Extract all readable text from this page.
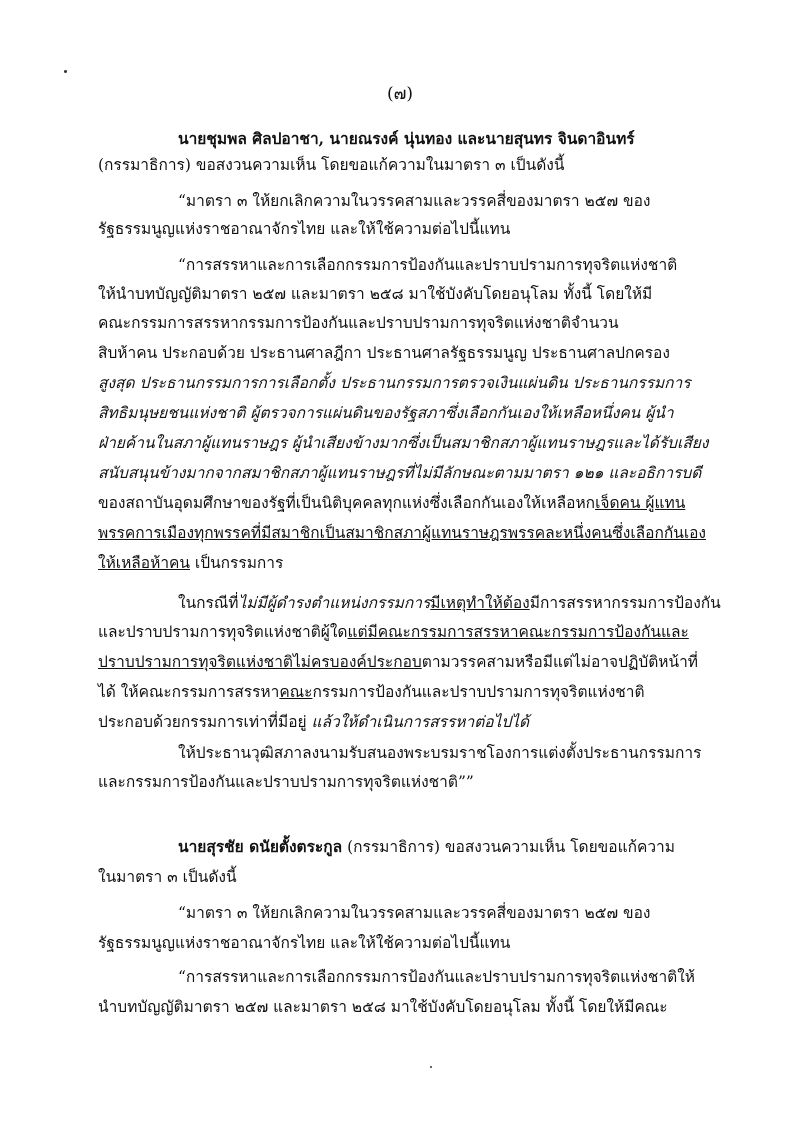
(๗)
นายชุมพล ศิลปอาชา, นายณรงค์ นุ่นทอง และนายสุนทร จินดาอินทร์
(กรรมาธิการ) ขอสงวนความเห็น โดยขอแก้ความในมาตรา ๓ เป็นดังนี้
“มาตรา ๓ ให้ยกเลิกความในวรรคสามและวรรคสี่ของมาตรา ๒๕๗ ของ
รัฐธรรมนูญแห่งราชอาณาจักรไทย และให้ใช้ความต่อไปนี้แทน
“การสรรหาและการเลือกกรรมการป้องกันและปราบปรามการทุจริตแห่งชาติ
ให้นำบทบัญญัติมาตรา ๒๕๗ และมาตรา ๒๕๘ มาใช้บังคับโดยอนุโลม ทั้งนี้ โดยให้มี
คณะกรรมการสรรหากรรมการป้องกันและปราบปรามการทุจริตแห่งชาติจำนวน
สิบห้าคน ประกอบด้วย ประธานศาลฎีกา ประธานศาลรัฐธรรมนูญ ประธานศาลปกครอง
สูงสุด ประธานกรรมการการเลือกตั้ง ประธานกรรมการตรวจเงินแผ่นดิน ประธานกรรมการ
สิทธิมนุษยชนแห่งชาติ ผู้ตรวจการแผ่นดินของรัฐสภาซึ่งเลือกกันเองให้เหลือหนึ่งคน ผู้นำ
ฝ่ายค้านในสภาผู้แทนราษฎร ผู้นำเสียงข้างมากซึ่งเป็นสมาชิกสภาผู้แทนราษฎรและได้รับเสียง
สนับสนุนข้างมากจากสมาชิกสภาผู้แทนราษฎรที่ไม่มีลักษณะตามมาตรา ๑๒๑ และอธิการบดี
ของสถาบันอุดมศึกษาของรัฐที่เป็นนิติบุคคลทุกแห่งซึ่งเลือกกันเองให้เหลือหกเจ็ดคน ผู้แทน
พรรคการเมืองทุกพรรคที่มีสมาชิกเป็นสมาชิกสภาผู้แทนราษฎรพรรคละหนึ่งคนซึ่งเลือกกันเอง
ให้เหลือห้าคน เป็นกรรมการ
ในกรณีที่ไม่มีผู้ดำรงตำแหน่งกรรมการมีเหตุทำให้ต้องมีการสรรหากรรมการป้องกัน
และปราบปรามการทุจริตแห่งชาติผู้ใดแต่มีคณะกรรมการสรรหาคณะกรรมการป้องกันและ
ปราบปรามการทุจริตแห่งชาติไม่ครบองค์ประกอบตามวรรคสามหรือมีแต่ไม่อาจปฏิบัติหน้าที่
ได้ ให้คณะกรรมการสรรหาคณะกรรมการป้องกันและปราบปรามการทุจริตแห่งชาติ
ประกอบด้วยกรรมการเท่าที่มีอยู่ แล้วให้ดำเนินการสรรหาต่อไปได้
ให้ประธานวุฒิสภาลงนามรับสนองพระบรมราชโองการแต่งตั้งประธานกรรมการ
และกรรมการป้องกันและปราบปรามการทุจริตแห่งชาติ””
นายสุรชัย ดนัยตั้งตระกูล (กรรมาธิการ) ขอสงวนความเห็น โดยขอแก้ความ
ในมาตรา ๓ เป็นดังนี้
“มาตรา ๓ ให้ยกเลิกความในวรรคสามและวรรคสี่ของมาตรา ๒๕๗ ของ
รัฐธรรมนูญแห่งราชอาณาจักรไทย และให้ใช้ความต่อไปนี้แทน
“การสรรหาและการเลือกกรรมการป้องกันและปราบปรามการทุจริตแห่งชาติให้
นำบทบัญญัติมาตรา ๒๕๗ และมาตรา ๒๕๘ มาใช้บังคับโดยอนุโลม ทั้งนี้ โดยให้มีคณะ
